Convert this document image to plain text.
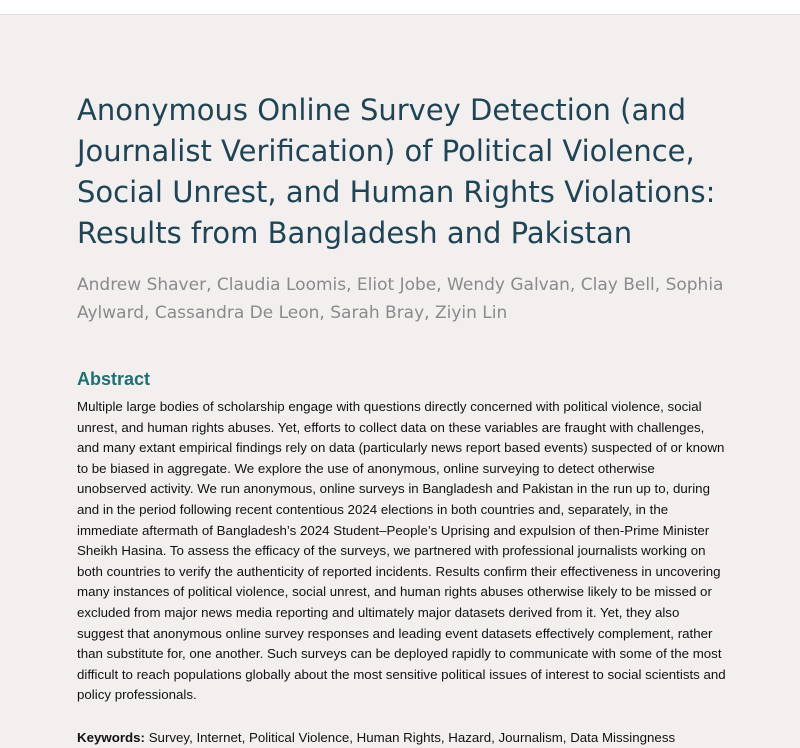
Anonymous Online Survey Detection (and Journalist Verification) of Political Violence, Social Unrest, and Human Rights Violations: Results from Bangladesh and Pakistan

Andrew Shaver, Claudia Loomis, Eliot Jobe, Wendy Galvan, Clay Bell, Sophia Aylward, Cassandra De Leon, Sarah Bray, Ziyin Lin

Abstract

Multiple large bodies of scholarship engage with questions directly concerned with political violence, social unrest, and human rights abuses. Yet, efforts to collect data on these variables are fraught with challenges, and many extant empirical findings rely on data (particularly news report based events) suspected of or known to be biased in aggregate. We explore the use of anonymous, online surveying to detect otherwise unobserved activity. We run anonymous, online surveys in Bangladesh and Pakistan in the run up to, during and in the period following recent contentious 2024 elections in both countries and, separately, in the immediate aftermath of Bangladesh’s 2024 Student–People’s Uprising and expulsion of then-Prime Minister Sheikh Hasina. To assess the efficacy of the surveys, we partnered with professional journalists working on both countries to verify the authenticity of reported incidents. Results confirm their effectiveness in uncovering many instances of political violence, social unrest, and human rights abuses otherwise likely to be missed or excluded from major news media reporting and ultimately major datasets derived from it. Yet, they also suggest that anonymous online survey responses and leading event datasets effectively complement, rather than substitute for, one another. Such surveys can be deployed rapidly to communicate with some of the most difficult to reach populations globally about the most sensitive political issues of interest to social scientists and policy professionals.

Keywords: Survey, Internet, Political Violence, Human Rights, Hazard, Journalism, Data Missingness
